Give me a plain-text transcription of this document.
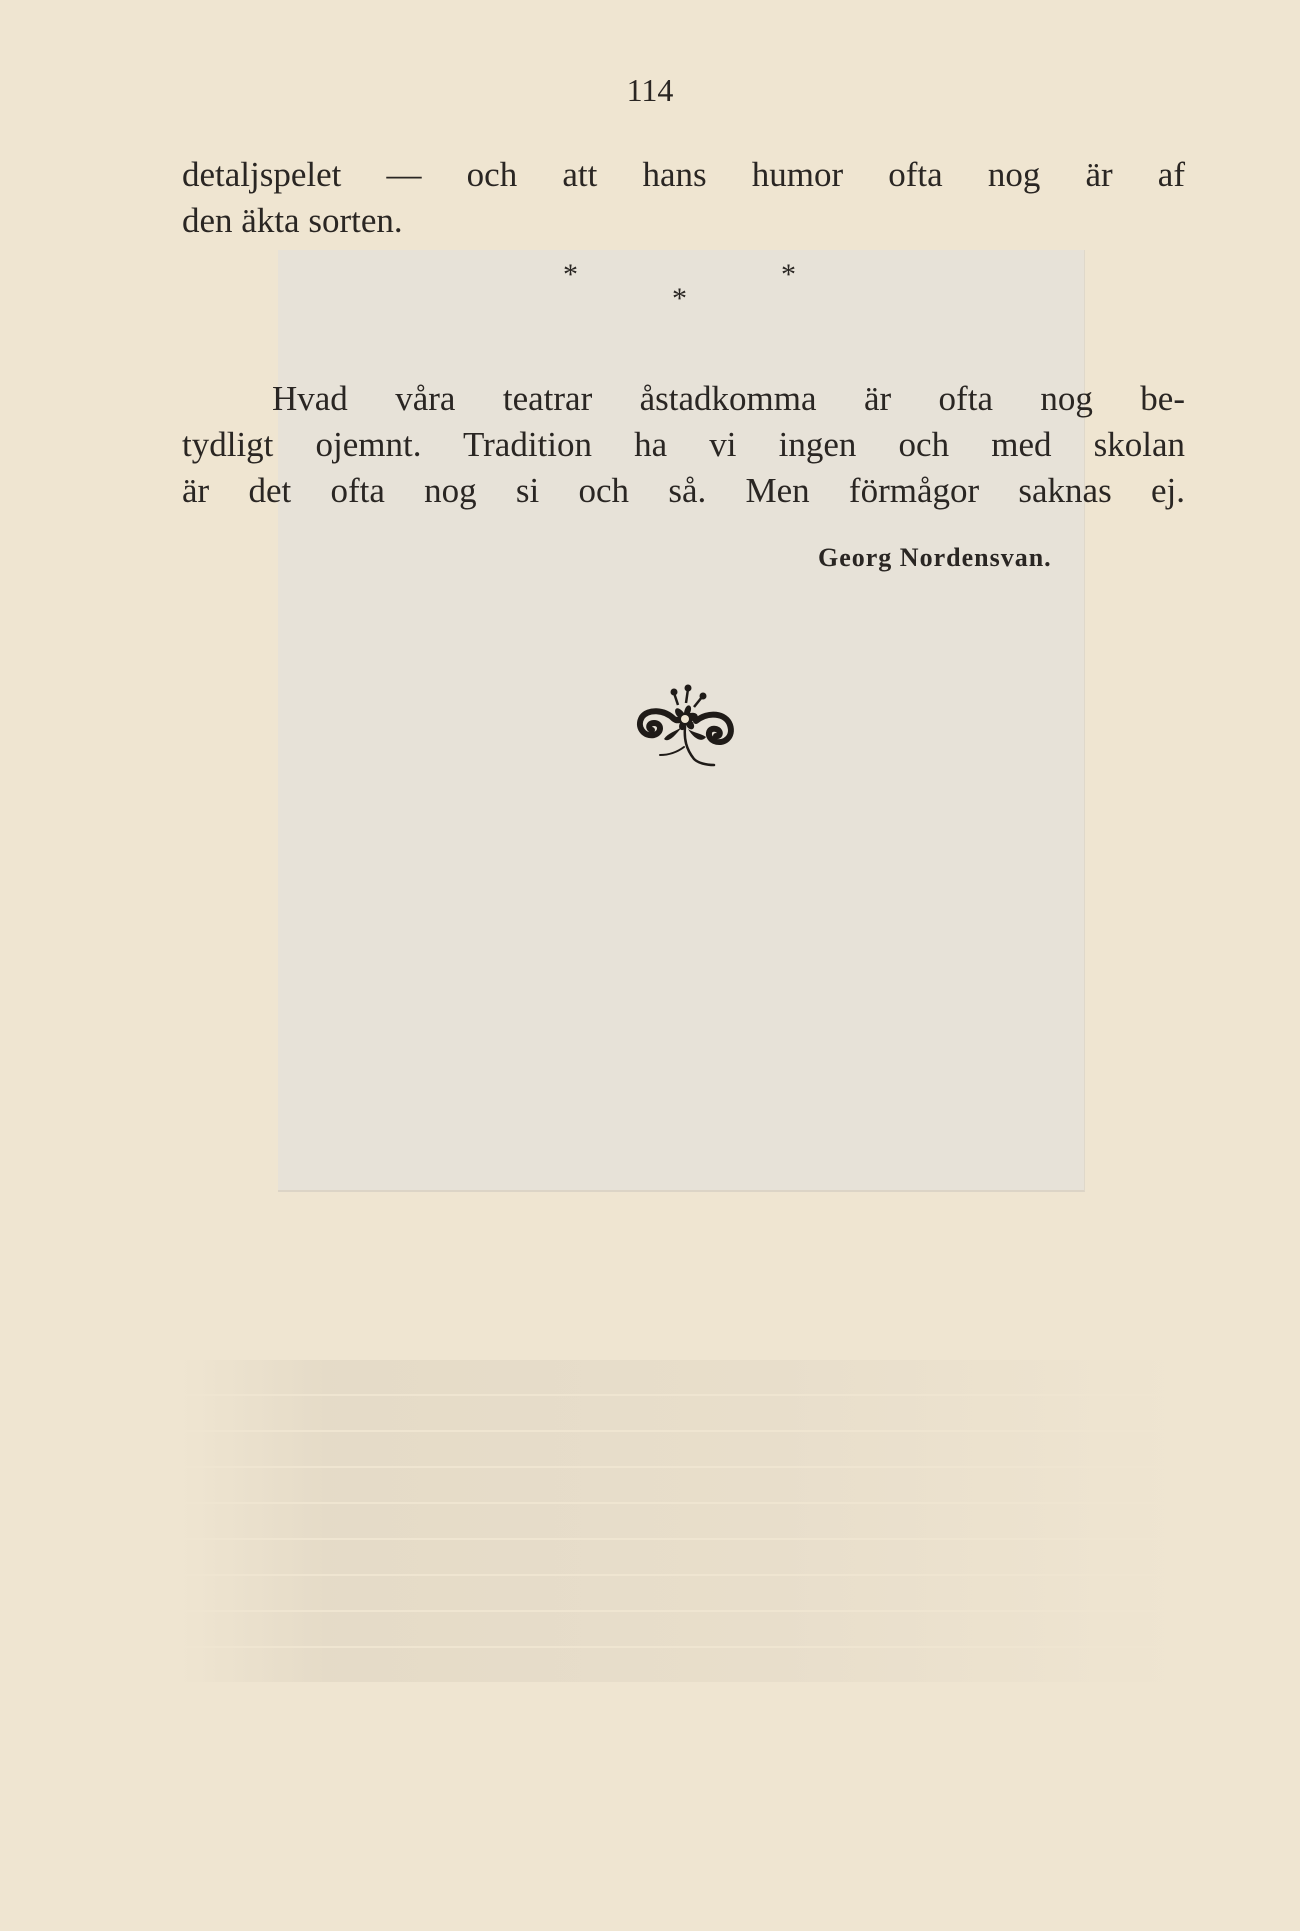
114
detaljspelet — och att hans humor ofta nog är af
den äkta sorten.
*	*
*
Hvad våra teatrar åstadkomma är ofta nog be-
tydligt ojemnt. Tradition ha vi ingen och med skolan
är det ofta nog si och så. Men förmågor saknas ej.
Georg Nordensvan.
